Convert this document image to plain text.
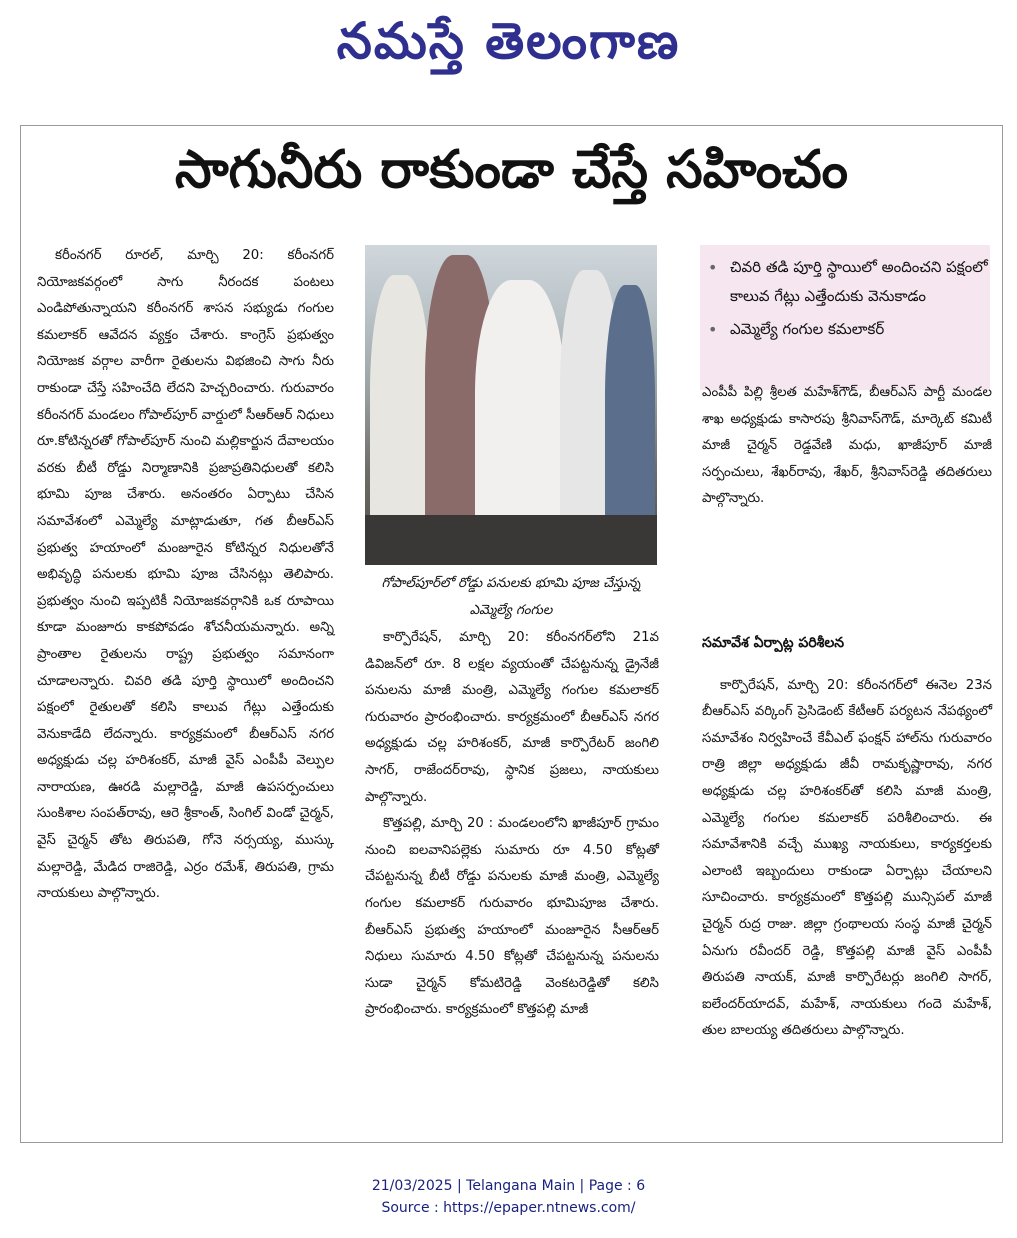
నమస్తే తెలంగాణ
సాగునీరు రాకుండా చేస్తే సహించం

కరీంనగర్ రూరల్, మార్చి 20: కరీంనగర్ నియోజకవర్గంలో సాగు నీరందక పంటలు ఎండిపోతున్నాయని కరీంనగర్ శాసన సభ్యుడు గంగుల కమలాకర్ ఆవేదన వ్యక్తం చేశారు. కాంగ్రెస్ ప్రభుత్వం నియోజక వర్గాల వారీగా రైతులను విభజించి సాగు నీరు రాకుండా చేస్తే సహించేది లేదని హెచ్చరించారు. గురువారం కరీంనగర్ మండలం గోపాల్‌పూర్ వార్డులో సీఆర్‌ఆర్ నిధులు రూ.కోటిన్నరతో గోపాల్‌పూర్ నుంచి మల్లికార్జున దేవాలయం వరకు బీటీ రోడ్డు నిర్మాణానికి ప్రజాప్రతినిధులతో కలిసి భూమి పూజ చేశారు. అనంతరం ఏర్పాటు చేసిన సమావేశంలో ఎమ్మెల్యే మాట్లాడుతూ, గత బీఆర్‌ఎస్ ప్రభుత్వ హయాంలో మంజూరైన కోటిన్నర నిధులతోనే అభివృద్ధి పనులకు భూమి పూజ చేసినట్లు తెలిపారు. ప్రభుత్వం నుంచి ఇప్పటికీ నియోజకవర్గానికి ఒక రూపాయి కూడా మంజూరు కాకపోవడం శోచనీయమన్నారు. అన్ని ప్రాంతాల రైతులను రాష్ట్ర ప్రభుత్వం సమానంగా చూడాలన్నారు. చివరి తడి పూర్తి స్థాయిలో అందించని పక్షంలో రైతులతో కలిసి కాలువ గేట్లు ఎత్తేందుకు వెనుకాడేది లేదన్నారు. కార్యక్రమంలో బీఆర్‌ఎస్ నగర అధ్యక్షుడు చల్ల హరిశంకర్, మాజీ వైస్ ఎంపీపీ వెల్పుల నారాయణ, ఊరడి మల్లారెడ్డి, మాజీ ఉపసర్పంచులు సుంకిశాల సంపత్‌రావు, ఆరె శ్రీకాంత్, సింగిల్ విండో చైర్మన్, వైస్ చైర్మన్ తోట తిరుపతి, గోనె నర్సయ్య, ముస్కు మల్లారెడ్డి, మేడిద రాజిరెడ్డి, ఎర్రం రమేశ్, తిరుపతి, గ్రామ నాయకులు పాల్గొన్నారు.

గోపాల్‌పూర్‌లో రోడ్డు పనులకు భూమి పూజ చేస్తున్న ఎమ్మెల్యే గంగుల

కార్పొరేషన్, మార్చి 20: కరీంనగర్‌లోని 21వ డివిజన్‌లో రూ. 8 లక్షల వ్యయంతో చేపట్టనున్న డ్రైనేజీ పనులను మాజీ మంత్రి, ఎమ్మెల్యే గంగుల కమలాకర్ గురువారం ప్రారంభించారు. కార్యక్రమంలో బీఆర్‌ఎస్ నగర అధ్యక్షుడు చల్ల హరిశంకర్, మాజీ కార్పొరేటర్ జంగిలి సాగర్, రాజేందర్‌రావు, స్థానిక ప్రజలు, నాయకులు పాల్గొన్నారు.

కొత్తపల్లి, మార్చి 20 : మండలంలోని ఖాజీపూర్ గ్రామం నుంచి ఐలవానిపల్లెకు సుమారు రూ 4.50 కోట్లతో చేపట్టనున్న బీటీ రోడ్డు పనులకు మాజీ మంత్రి, ఎమ్మెల్యే గంగుల కమలాకర్ గురువారం భూమిపూజ చేశారు. బీఆర్‌ఎస్ ప్రభుత్వ హయాంలో మంజూరైన సీఆర్ఆర్ నిధులు సుమారు 4.50 కోట్లతో చేపట్టనున్న పనులను సుడా చైర్మన్ కోమటిరెడ్డి వెంకటరెడ్డితో కలిసి ప్రారంభించారు. కార్యక్రమంలో కొత్తపల్లి మాజీ

• చివరి తడి పూర్తి స్థాయిలో అందించని పక్షంలో కాలువ గేట్లు ఎత్తేందుకు వెనుకాడం
• ఎమ్మెల్యే గంగుల కమలాకర్

ఎంపీపీ పిల్లి శ్రీలత మహేశ్‌గౌడ్, బీఆర్‌ఎస్ పార్టీ మండల శాఖ అధ్యక్షుడు కాసారపు శ్రీనివాస్‌గౌడ్, మార్కెట్ కమిటీ మాజీ చైర్మన్ రెడ్డవేణి మధు, ఖాజీపూర్ మాజీ సర్పంచులు, శేఖర్‌రావు, శేఖర్, శ్రీనివాస్‌రెడ్డి తదితరులు పాల్గొన్నారు.

సమావేశ ఏర్పాట్ల పరిశీలన

కార్పొరేషన్, మార్చి 20: కరీంనగర్‌లో ఈనెల 23న బీఆర్‌ఎస్ వర్కింగ్ ప్రెసిడెంట్ కేటీఆర్ పర్యటన నేపథ్యంలో సమావేశం నిర్వహించే కేవీఎల్ ఫంక్షన్ హాల్‌ను గురువారం రాత్రి జిల్లా అధ్యక్షుడు జీవీ రామకృష్ణారావు, నగర అధ్యక్షుడు చల్ల హరిశంకర్‌తో కలిసి మాజీ మంత్రి, ఎమ్మెల్యే గంగుల కమలాకర్ పరిశీలించారు. ఈ సమావేశానికి వచ్చే ముఖ్య నాయకులు, కార్యకర్తలకు ఎలాంటి ఇబ్బందులు రాకుండా ఏర్పాట్లు చేయాలని సూచించారు. కార్యక్రమంలో కొత్తపల్లి మున్సిపల్ మాజీ చైర్మన్ రుద్ర రాజు. జిల్లా గ్రంథాలయ సంస్థ మాజీ చైర్మన్ ఏనుగు రవీందర్ రెడ్డి, కొత్తపల్లి మాజీ వైస్ ఎంపీపీ తిరుపతి నాయక్, మాజీ కార్పొరేటర్లు జంగిలి సాగర్, ఐలేందర్‌యాదవ్, మహేశ్, నాయకులు గందె మహేశ్, తుల బాలయ్య తదితరులు పాల్గొన్నారు.

21/03/2025 | Telangana Main | Page : 6
Source : https://epaper.ntnews.com/
